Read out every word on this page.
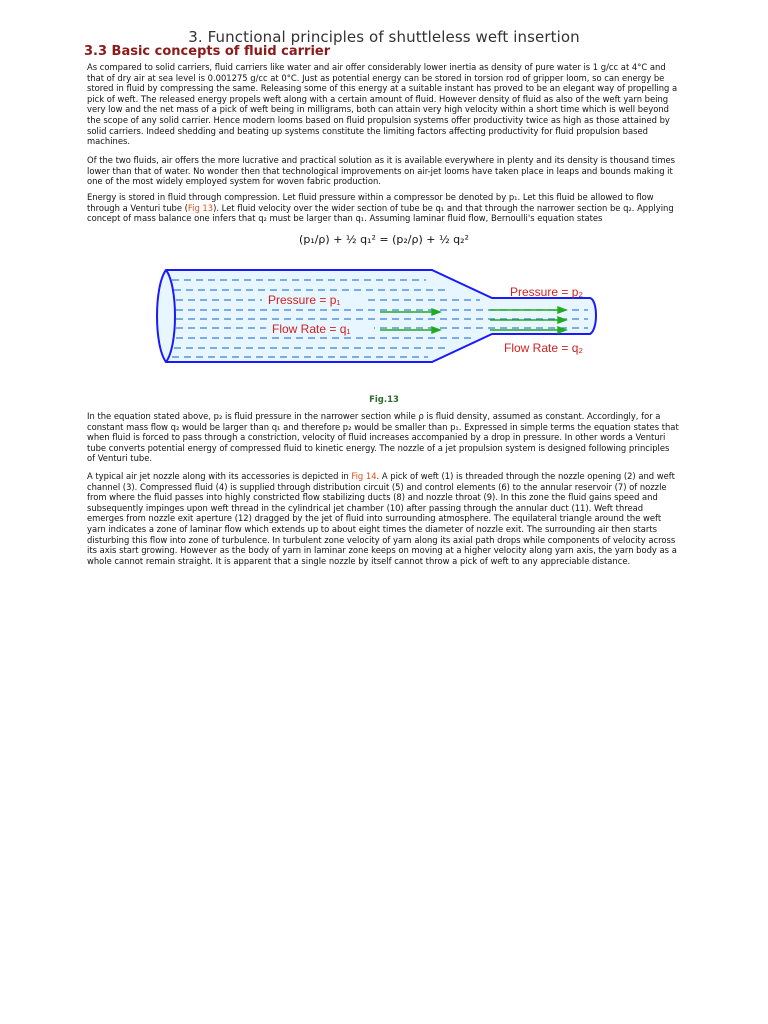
3. Functional principles of shuttleless weft insertion
3.3 Basic concepts of fluid carrier

As compared to solid carriers, fluid carriers like water and air offer considerably lower inertia as density of pure water is 1 g/cc at 4°C and that of dry air at sea level is 0.001275 g/cc at 0°C. Just as potential energy can be stored in torsion rod of gripper loom, so can energy be stored in fluid by compressing the same. Releasing some of this energy at a suitable instant has proved to be an elegant way of propelling a pick of weft. The released energy propels weft along with a certain amount of fluid. However density of fluid as also of the weft yarn being very low and the net mass of a pick of weft being in milligrams, both can attain very high velocity within a short time which is well beyond the scope of any solid carrier. Hence modern looms based on fluid propulsion systems offer productivity twice as high as those attained by solid carriers. Indeed shedding and beating up systems constitute the limiting factors affecting productivity for fluid propulsion based machines.

Of the two fluids, air offers the more lucrative and practical solution as it is available everywhere in plenty and its density is thousand times lower than that of water. No wonder then that technological improvements on air-jet looms have taken place in leaps and bounds making it one of the most widely employed system for woven fabric production.

Energy is stored in fluid through compression. Let fluid pressure within a compressor be denoted by p₁. Let this fluid be allowed to flow through a Venturi tube (Fig 13). Let fluid velocity over the wider section of tube be q₁ and that through the narrower section be q₂. Applying concept of mass balance one infers that q₂ must be larger than q₁. Assuming laminar fluid flow, Bernoulli's equation states

(p₁/ρ) + ½ q₁² = (p₂/ρ) + ½ q₂²
Pressure = p₁
Flow Rate = q₁
Pressure = p₂
Flow Rate = q₂
Fig.13

In the equation stated above, p₂ is fluid pressure in the narrower section while ρ is fluid density, assumed as constant. Accordingly, for a constant mass flow q₂ would be larger than q₁ and therefore p₂ would be smaller than p₁. Expressed in simple terms the equation states that when fluid is forced to pass through a constriction, velocity of fluid increases accompanied by a drop in pressure. In other words a Venturi tube converts potential energy of compressed fluid to kinetic energy. The nozzle of a jet propulsion system is designed following principles of Venturi tube.

A typical air jet nozzle along with its accessories is depicted in Fig 14. A pick of weft (1) is threaded through the nozzle opening (2) and weft channel (3). Compressed fluid (4) is supplied through distribution circuit (5) and control elements (6) to the annular reservoir (7) of nozzle from where the fluid passes into highly constricted flow stabilizing ducts (8) and nozzle throat (9). In this zone the fluid gains speed and subsequently impinges upon weft thread in the cylindrical jet chamber (10) after passing through the annular duct (11). Weft thread emerges from nozzle exit aperture (12) dragged by the jet of fluid into surrounding atmosphere. The equilateral triangle around the weft yarn indicates a zone of laminar flow which extends up to about eight times the diameter of nozzle exit. The surrounding air then starts disturbing this flow into zone of turbulence. In turbulent zone velocity of yarn along its axial path drops while components of velocity across its axis start growing. However as the body of yarn in laminar zone keeps on moving at a higher velocity along yarn axis, the yarn body as a whole cannot remain straight. It is apparent that a single nozzle by itself cannot throw a pick of weft to any appreciable distance.
